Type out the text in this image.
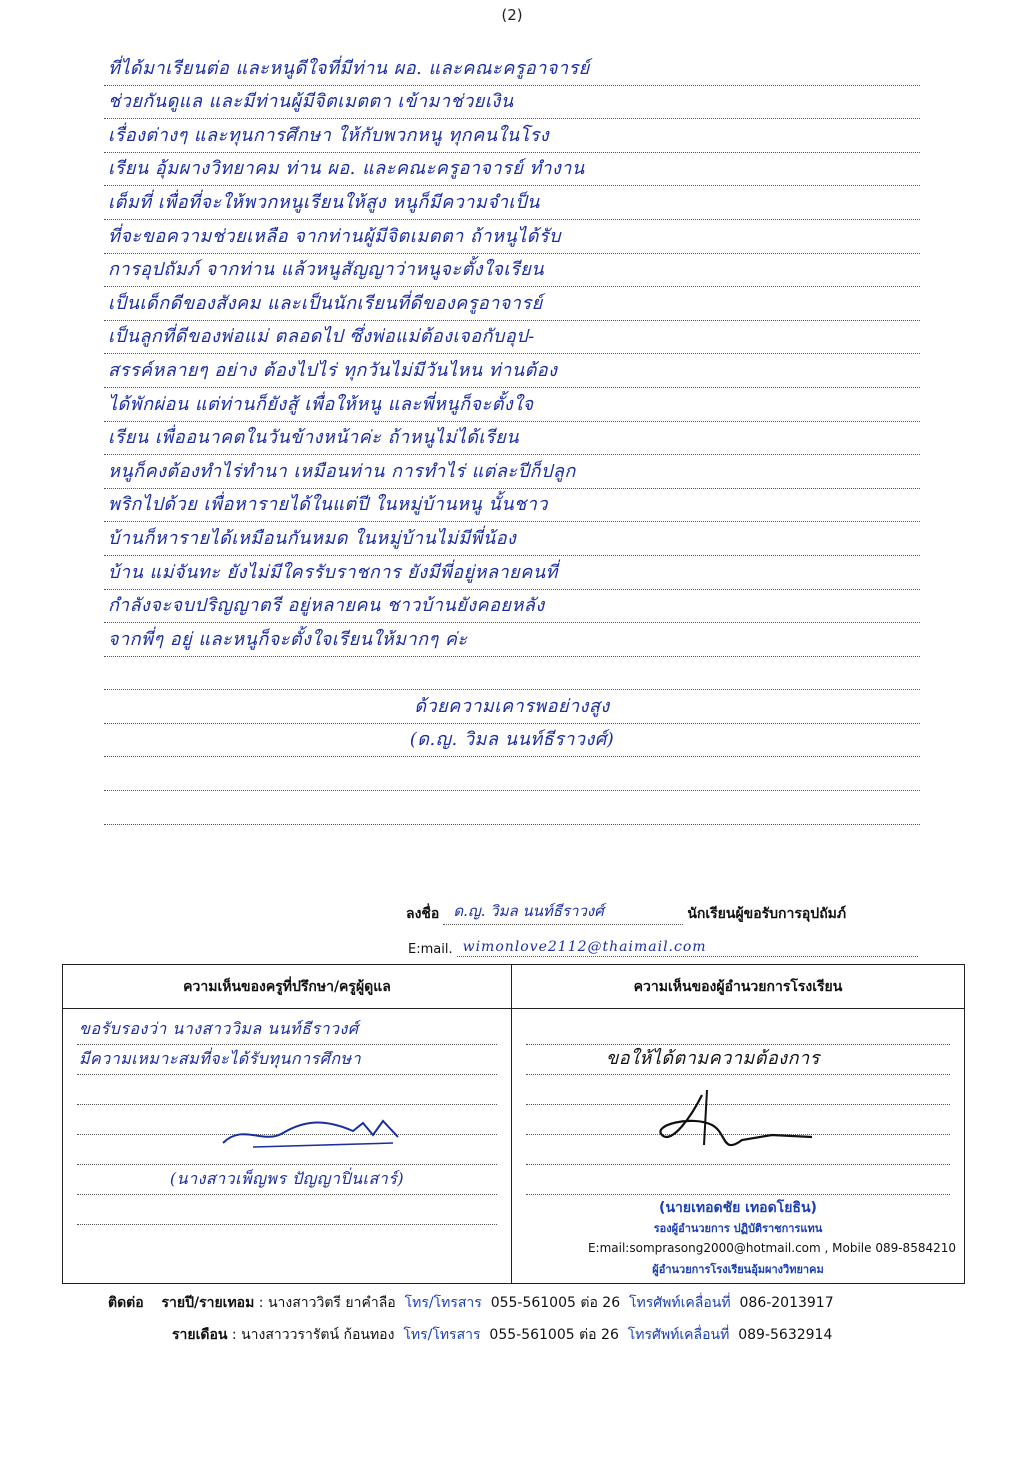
(2)
ที่ได้มาเรียนต่อ และหนูดีใจที่มีท่าน ผอ. และคณะครูอาจารย์
ช่วยกันดูแล และมีท่านผู้มีจิตเมตตา เข้ามาช่วยเงิน
เรื่องต่างๆ และทุนการศึกษา ให้กับพวกหนู ทุกคนในโรง
เรียน อุ้มผางวิทยาคม ท่าน ผอ. และคณะครูอาจารย์ ทำงาน
เต็มที่ เพื่อที่จะให้พวกหนูเรียนให้สูง หนูก็มีความจำเป็น
ที่จะขอความช่วยเหลือ จากท่านผู้มีจิตเมตตา ถ้าหนูได้รับ
การอุปถัมภ์ จากท่าน แล้วหนูสัญญาว่าหนูจะตั้งใจเรียน
เป็นเด็กดีของสังคม และเป็นนักเรียนที่ดีของครูอาจารย์
เป็นลูกที่ดีของพ่อแม่ ตลอดไป ซึ่งพ่อแม่ต้องเจอกับอุป-
สรรค์หลายๆ อย่าง ต้องไปไร่ ทุกวันไม่มีวันไหน ท่านต้อง
ได้พักผ่อน แต่ท่านก็ยังสู้ เพื่อให้หนู และพี่หนูก็จะตั้งใจ
เรียน เพื่ออนาคตในวันข้างหน้าค่ะ ถ้าหนูไม่ได้เรียน
หนูก็คงต้องทำไร่ทำนา เหมือนท่าน การทำไร่ แต่ละปีก็ปลูก
พริกไปด้วย เพื่อหารายได้ในแต่ปี ในหมู่บ้านหนู นั้นชาว
บ้านก็หารายได้เหมือนกันหมด ในหมู่บ้านไม่มีพี่น้อง
บ้าน แม่จันทะ ยังไม่มีใครรับราชการ ยังมีพี่อยู่หลายคนที่
กำลังจะจบปริญญาตรี อยู่หลายคน ชาวบ้านยังคอยหลัง
จากพี่ๆ อยู่ และหนูก็จะตั้งใจเรียนให้มากๆ ค่ะ
ด้วยความเคารพอย่างสูง
(ด.ญ. วิมล นนท์ธีราวงศ์)
ลงชื่อ ด.ญ. วิมล นนท์ธีราวงศ์	นักเรียนผู้ขอรับการอุปถัมภ์
E:mail. wimonlove2112@thaimail.com
ความเห็นของครูที่ปรึกษา/ครูผู้ดูแล
ขอรับรองว่า นางสาววิมล นนท์ธีราวงศ์
มีความเหมาะสมที่จะได้รับทุนการศึกษา
(นางสาวเพ็ญพร ปัญญาปิ่นเสาร์)
ความเห็นของผู้อำนวยการโรงเรียน
ขอให้ได้ตามความต้องการ
(นายเทอดชัย เทอดโยธิน)
รองผู้อำนวยการ ปฏิบัติราชการแทน
E:mail:somprasong2000@hotmail.com , Mobile 089-8584210
ผู้อำนวยการโรงเรียนอุ้มผางวิทยาคม
ติดต่อ รายปี/รายเทอม : นางสาววิตรี ยาคำลือ โทร/โทรสาร 055-561005 ต่อ 26 โทรศัพท์เคลื่อนที่ 086-2013917
รายเดือน : นางสาววรารัตน์ ก้อนทอง โทร/โทรสาร 055-561005 ต่อ 26 โทรศัพท์เคลื่อนที่ 089-5632914
